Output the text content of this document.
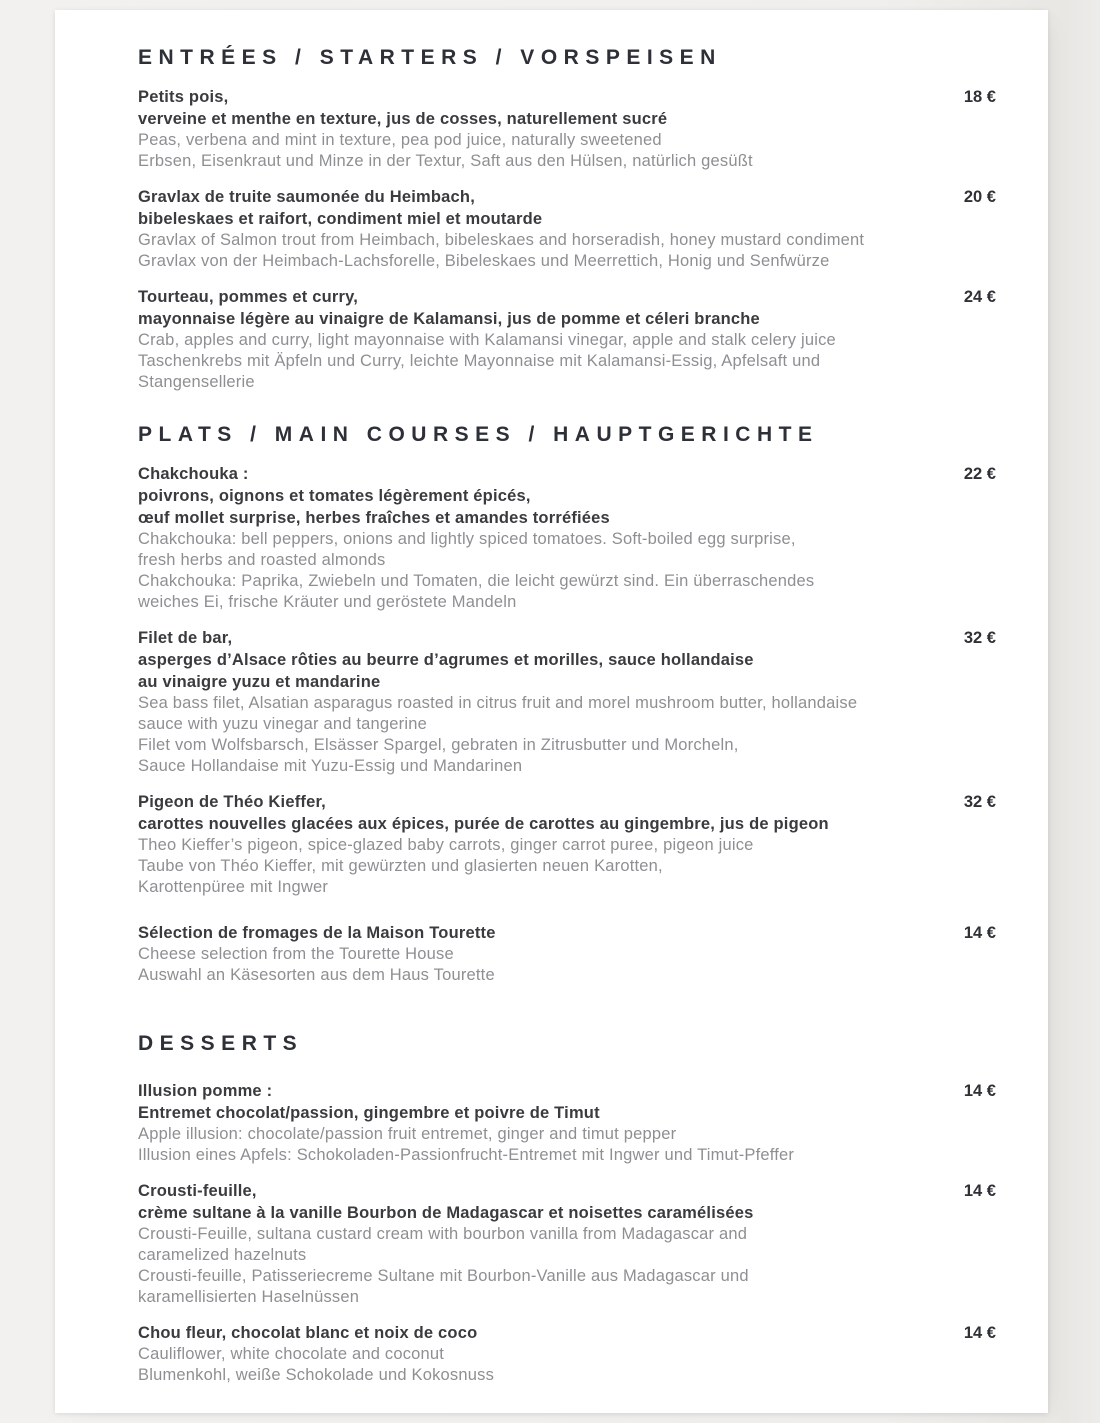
ENTRÉES / STARTERS / VORSPEISEN
Petits pois,
verveine et menthe en texture, jus de cosses, naturellement sucré
Peas, verbena and mint in texture, pea pod juice, naturally sweetened
Erbsen, Eisenkraut und Minze in der Textur, Saft aus den Hülsen, natürlich gesüßt
18 €
Gravlax de truite saumonée du Heimbach,
bibeleskaes et raifort, condiment miel et moutarde
Gravlax of Salmon trout from Heimbach, bibeleskaes and horseradish, honey mustard condiment
Gravlax von der Heimbach-Lachsforelle, Bibeleskaes und Meerrettich, Honig und Senfwürze
20 €
Tourteau, pommes et curry,
mayonnaise légère au vinaigre de Kalamansi, jus de pomme et céleri branche
Crab, apples and curry, light mayonnaise with Kalamansi vinegar, apple and stalk celery juice
Taschenkrebs mit Äpfeln und Curry, leichte Mayonnaise mit Kalamansi-Essig, Apfelsaft und
Stangensellerie
24 €
PLATS / MAIN COURSES / HAUPTGERICHTE
Chakchouka :
poivrons, oignons et tomates légèrement épicés,
œuf mollet surprise, herbes fraîches et amandes torréfiées
Chakchouka: bell peppers, onions and lightly spiced tomatoes. Soft-boiled egg surprise,
fresh herbs and roasted almonds
Chakchouka: Paprika, Zwiebeln und Tomaten, die leicht gewürzt sind. Ein überraschendes
weiches Ei, frische Kräuter und geröstete Mandeln
22 €
Filet de bar,
asperges d’Alsace rôties au beurre d’agrumes et morilles, sauce hollandaise
au vinaigre yuzu et mandarine
Sea bass filet, Alsatian asparagus roasted in citrus fruit and morel mushroom butter, hollandaise
sauce with yuzu vinegar and tangerine
Filet vom Wolfsbarsch, Elsässer Spargel, gebraten in Zitrusbutter und Morcheln,
Sauce Hollandaise mit Yuzu-Essig und Mandarinen
32 €
Pigeon de Théo Kieffer,
carottes nouvelles glacées aux épices, purée de carottes au gingembre, jus de pigeon
Theo Kieffer’s pigeon, spice-glazed baby carrots, ginger carrot puree, pigeon juice
Taube von Théo Kieffer, mit gewürzten und glasierten neuen Karotten,
Karottenpüree mit Ingwer
32 €
Sélection de fromages de la Maison Tourette
Cheese selection from the Tourette House
Auswahl an Käsesorten aus dem Haus Tourette
14 €
DESSERTS
Illusion pomme :
Entremet chocolat/passion, gingembre et poivre de Timut
Apple illusion: chocolate/passion fruit entremet, ginger and timut pepper
Illusion eines Apfels: Schokoladen-Passionfrucht-Entremet mit Ingwer und Timut-Pfeffer
14 €
Crousti-feuille,
crème sultane à la vanille Bourbon de Madagascar et noisettes caramélisées
Crousti-Feuille, sultana custard cream with bourbon vanilla from Madagascar and
caramelized hazelnuts
Crousti-feuille, Patisseriecreme Sultane mit Bourbon-Vanille aus Madagascar und
karamellisierten Haselnüssen
14 €
Chou fleur, chocolat blanc et noix de coco
Cauliflower, white chocolate and coconut
Blumenkohl, weiße Schokolade und Kokosnuss
14 €
